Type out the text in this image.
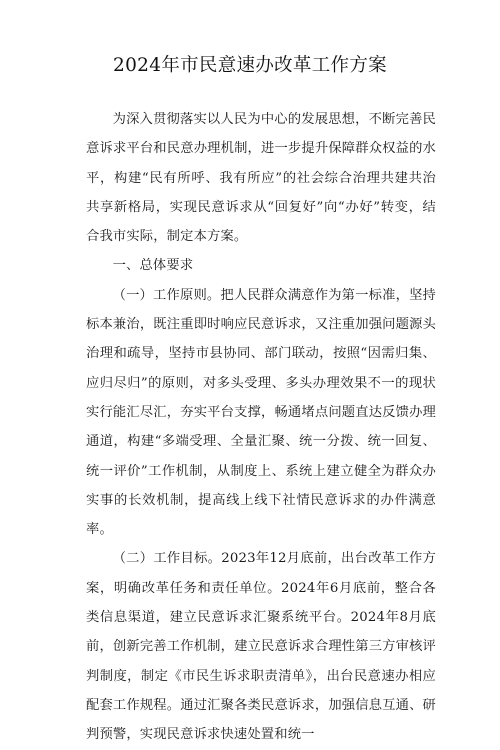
2024年市民意速办改革工作方案

为深入贯彻落实以人民为中心的发展思想，不断完善民意诉求平台和民意办理机制，进一步提升保障群众权益的水平，构建“民有所呼、我有所应”的社会综合治理共建共治共享新格局，实现民意诉求从“回复好”向“办好”转变，结合我市实际，制定本方案。

一、总体要求

（一）工作原则。把人民群众满意作为第一标准，坚持标本兼治，既注重即时响应民意诉求，又注重加强问题源头治理和疏导，坚持市县协同、部门联动，按照“因需归集、应归尽归”的原则，对多头受理、多头办理效果不一的现状实行能汇尽汇，夯实平台支撑，畅通堵点问题直达反馈办理通道，构建“多端受理、全量汇聚、统一分拨、统一回复、统一评价”工作机制，从制度上、系统上建立健全为群众办实事的长效机制，提高线上线下社情民意诉求的办件满意率。

（二）工作目标。2023年12月底前，出台改革工作方案，明确改革任务和责任单位。2024年6月底前，整合各类信息渠道，建立民意诉求汇聚系统平台。2024年8月底前，创新完善工作机制，建立民意诉求合理性第三方审核评判制度，制定《市民生诉求职责清单》，出台民意速办相应配套工作规程。通过汇聚各类民意诉求，加强信息互通、研判预警，实现民意诉求快速处置和统一
